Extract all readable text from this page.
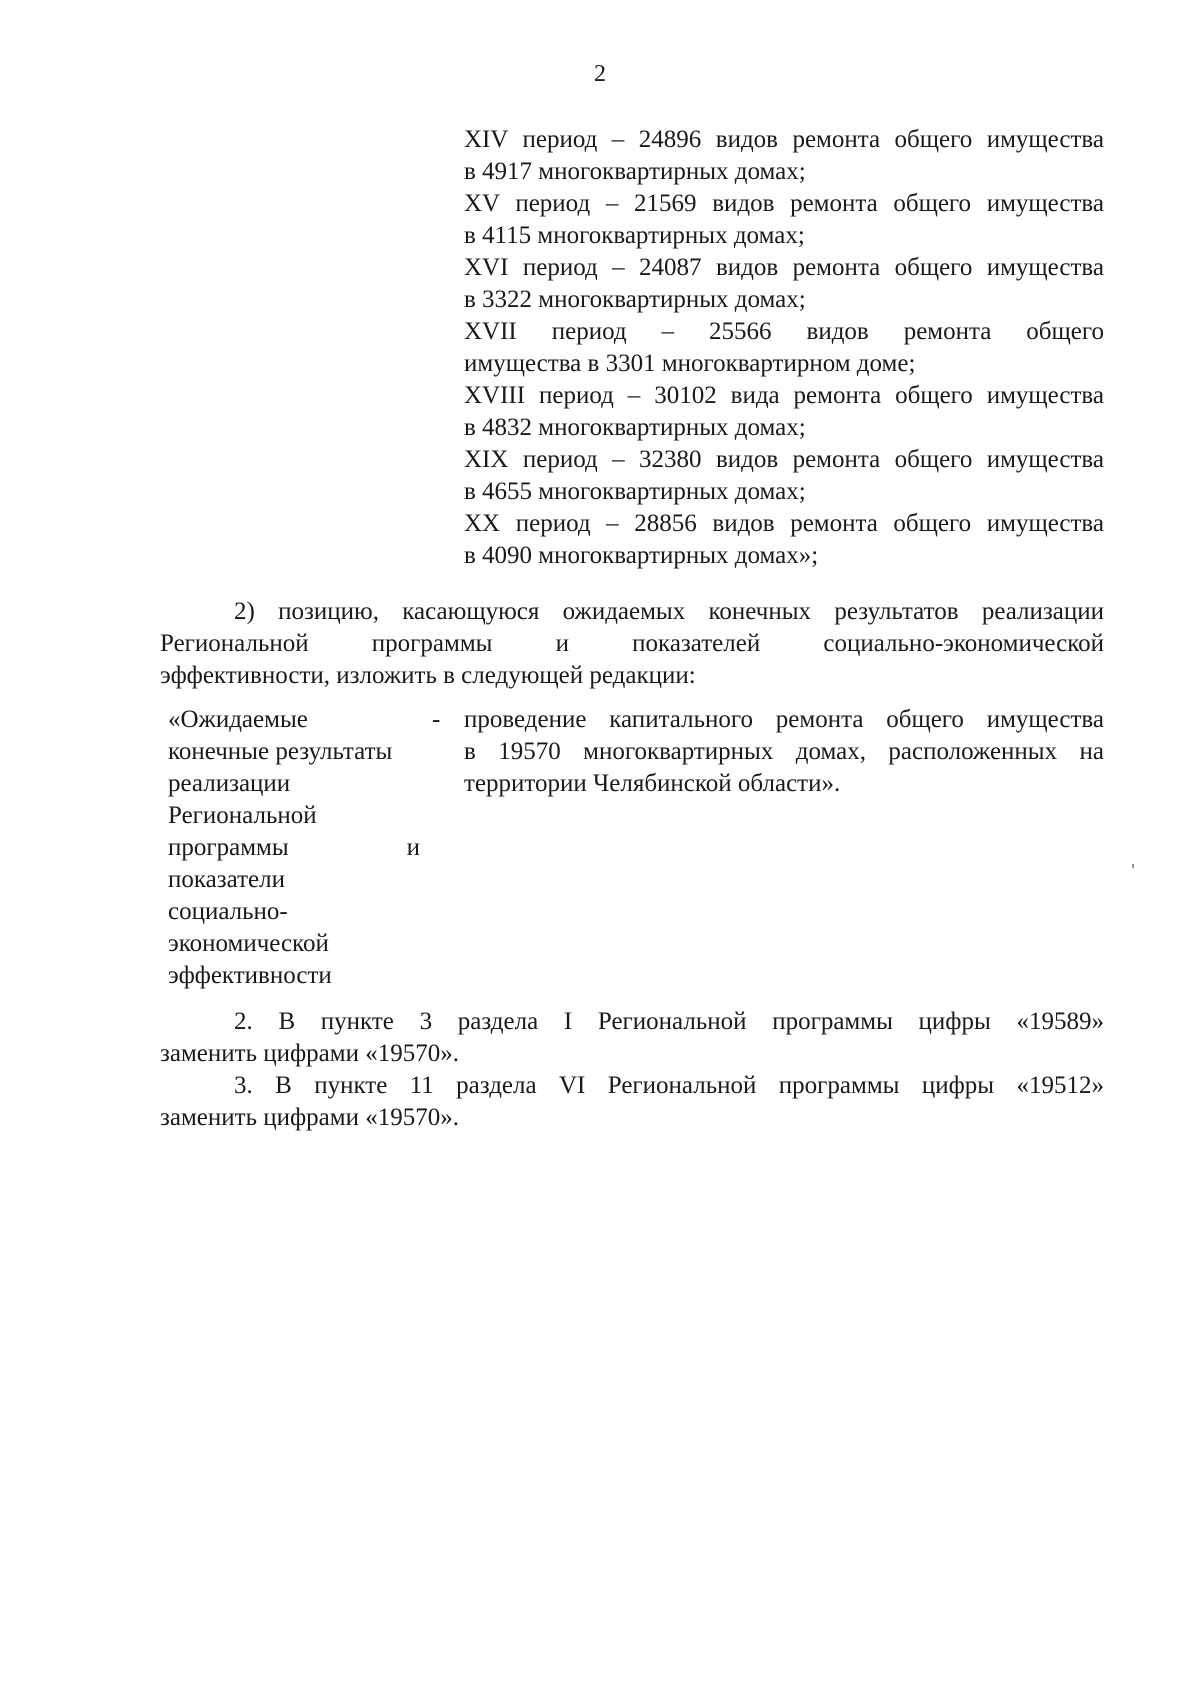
2

XIV период – 24896 видов ремонта общего имущества
в 4917 многоквартирных домах;

XV период – 21569 видов ремонта общего имущества
в 4115 многоквартирных домах;

XVI период – 24087 видов ремонта общего имущества
в 3322 многоквартирных домах;

XVII период – 25566 видов ремонта общего
имущества в 3301 многоквартирном доме;

XVIII период – 30102 вида ремонта общего имущества
в 4832 многоквартирных домах;

XIX период – 32380 видов ремонта общего имущества
в 4655 многоквартирных домах;

XX период – 28856 видов ремонта общего имущества
в 4090 многоквартирных домах»;

2) позицию, касающуюся ожидаемых конечных результатов реализации
Региональной программы и показателей социально-экономической
эффективности, изложить в следующей редакции:

«Ожидаемые
конечные результаты
реализации
Региональной
программы и
показатели
социально-
экономической
эффективности
- проведение капитального ремонта общего имущества
в 19570 многоквартирных домах, расположенных на
территории Челябинской области».

2. В пункте 3 раздела I Региональной программы цифры «19589»
заменить цифрами «19570».

3. В пункте 11 раздела VI Региональной программы цифры «19512»
заменить цифрами «19570».
